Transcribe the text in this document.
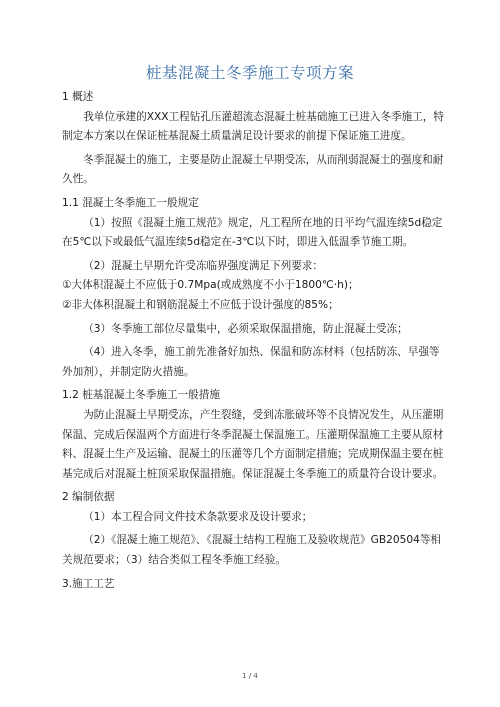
桩基混凝土冬季施工专项方案

1 概述

我单位承建的XXX工程钻孔压灌超流态混凝土桩基础施工已进入冬季施工，特制定本方案以在保证桩基混凝土质量满足设计要求的前提下保证施工进度。

冬季混凝土的施工，主要是防止混凝土早期受冻，从而削弱混凝土的强度和耐久性。

1.1 混凝土冬季施工一般规定

（1）按照《混凝土施工规范》规定，凡工程所在地的日平均气温连续5d稳定在5℃以下或最低气温连续5d稳定在-3℃以下时，即进入低温季节施工期。

（2）混凝土早期允许受冻临界强度满足下列要求：

①大体积混凝土不应低于0.7Mpa(或成熟度不小于1800℃·h)；

②非大体积混凝土和钢筋混凝土不应低于设计强度的85%；

（3）冬季施工部位尽量集中，必须采取保温措施，防止混凝土受冻；

（4）进入冬季，施工前先准备好加热、保温和防冻材料（包括防冻、早强等外加剂），并制定防火措施。

1.2 桩基混凝土冬季施工一般措施

为防止混凝土早期受冻，产生裂缝，受到冻胀破坏等不良情况发生，从压灌期保温、完成后保温两个方面进行冬季混凝土保温施工。压灌期保温施工主要从原材料、混凝土生产及运输、混凝土的压灌等几个方面制定措施；完成期保温主要在桩基完成后对混凝土桩顶采取保温措施。保证混凝土冬季施工的质量符合设计要求。

2 编制依据

（1）本工程合同文件技术条款要求及设计要求；

（2）《混凝土施工规范》、《混凝土结构工程施工及验收规范》GB20504等相关规范要求；（3）结合类似工程冬季施工经验。

3.施工工艺

1 / 4
